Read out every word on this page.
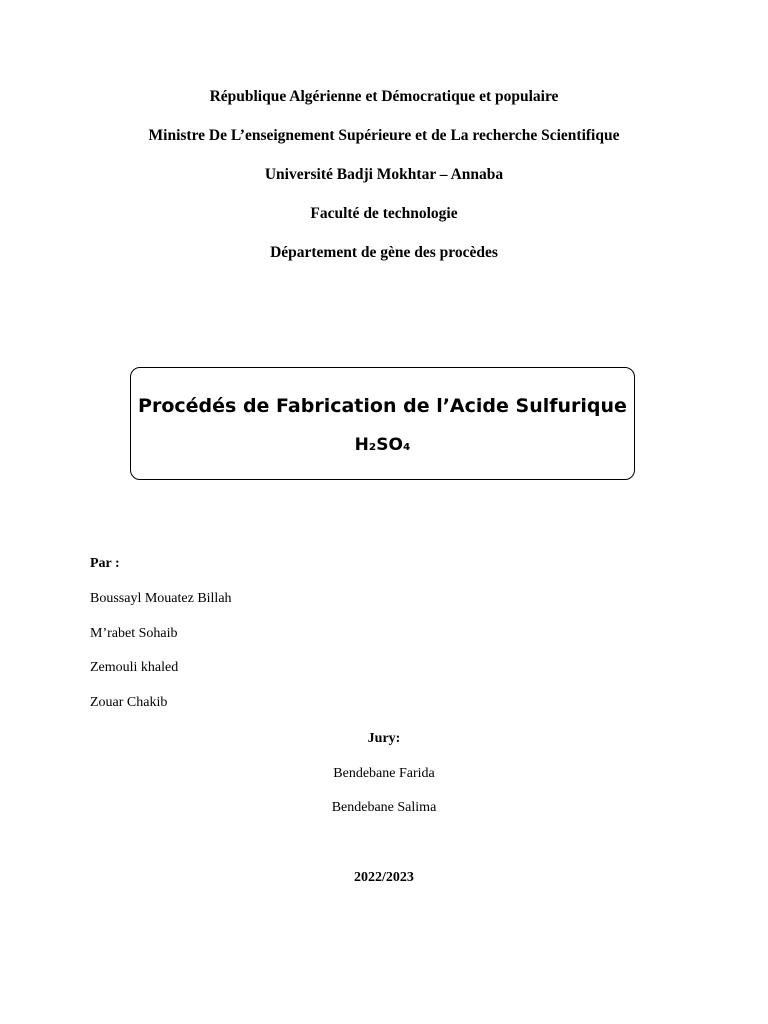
République Algérienne et Démocratique et populaire
Ministre De L’enseignement Supérieure et de La recherche Scientifique
Université Badji Mokhtar – Annaba
Faculté de technologie
Département de gène des procèdes
Procédés de Fabrication de l’Acide Sulfurique
H₂SO₄
Par :
Boussayl Mouatez Billah
M’rabet Sohaib
Zemouli khaled
Zouar Chakib
Jury:
Bendebane Farida
Bendebane Salima
2022/2023
